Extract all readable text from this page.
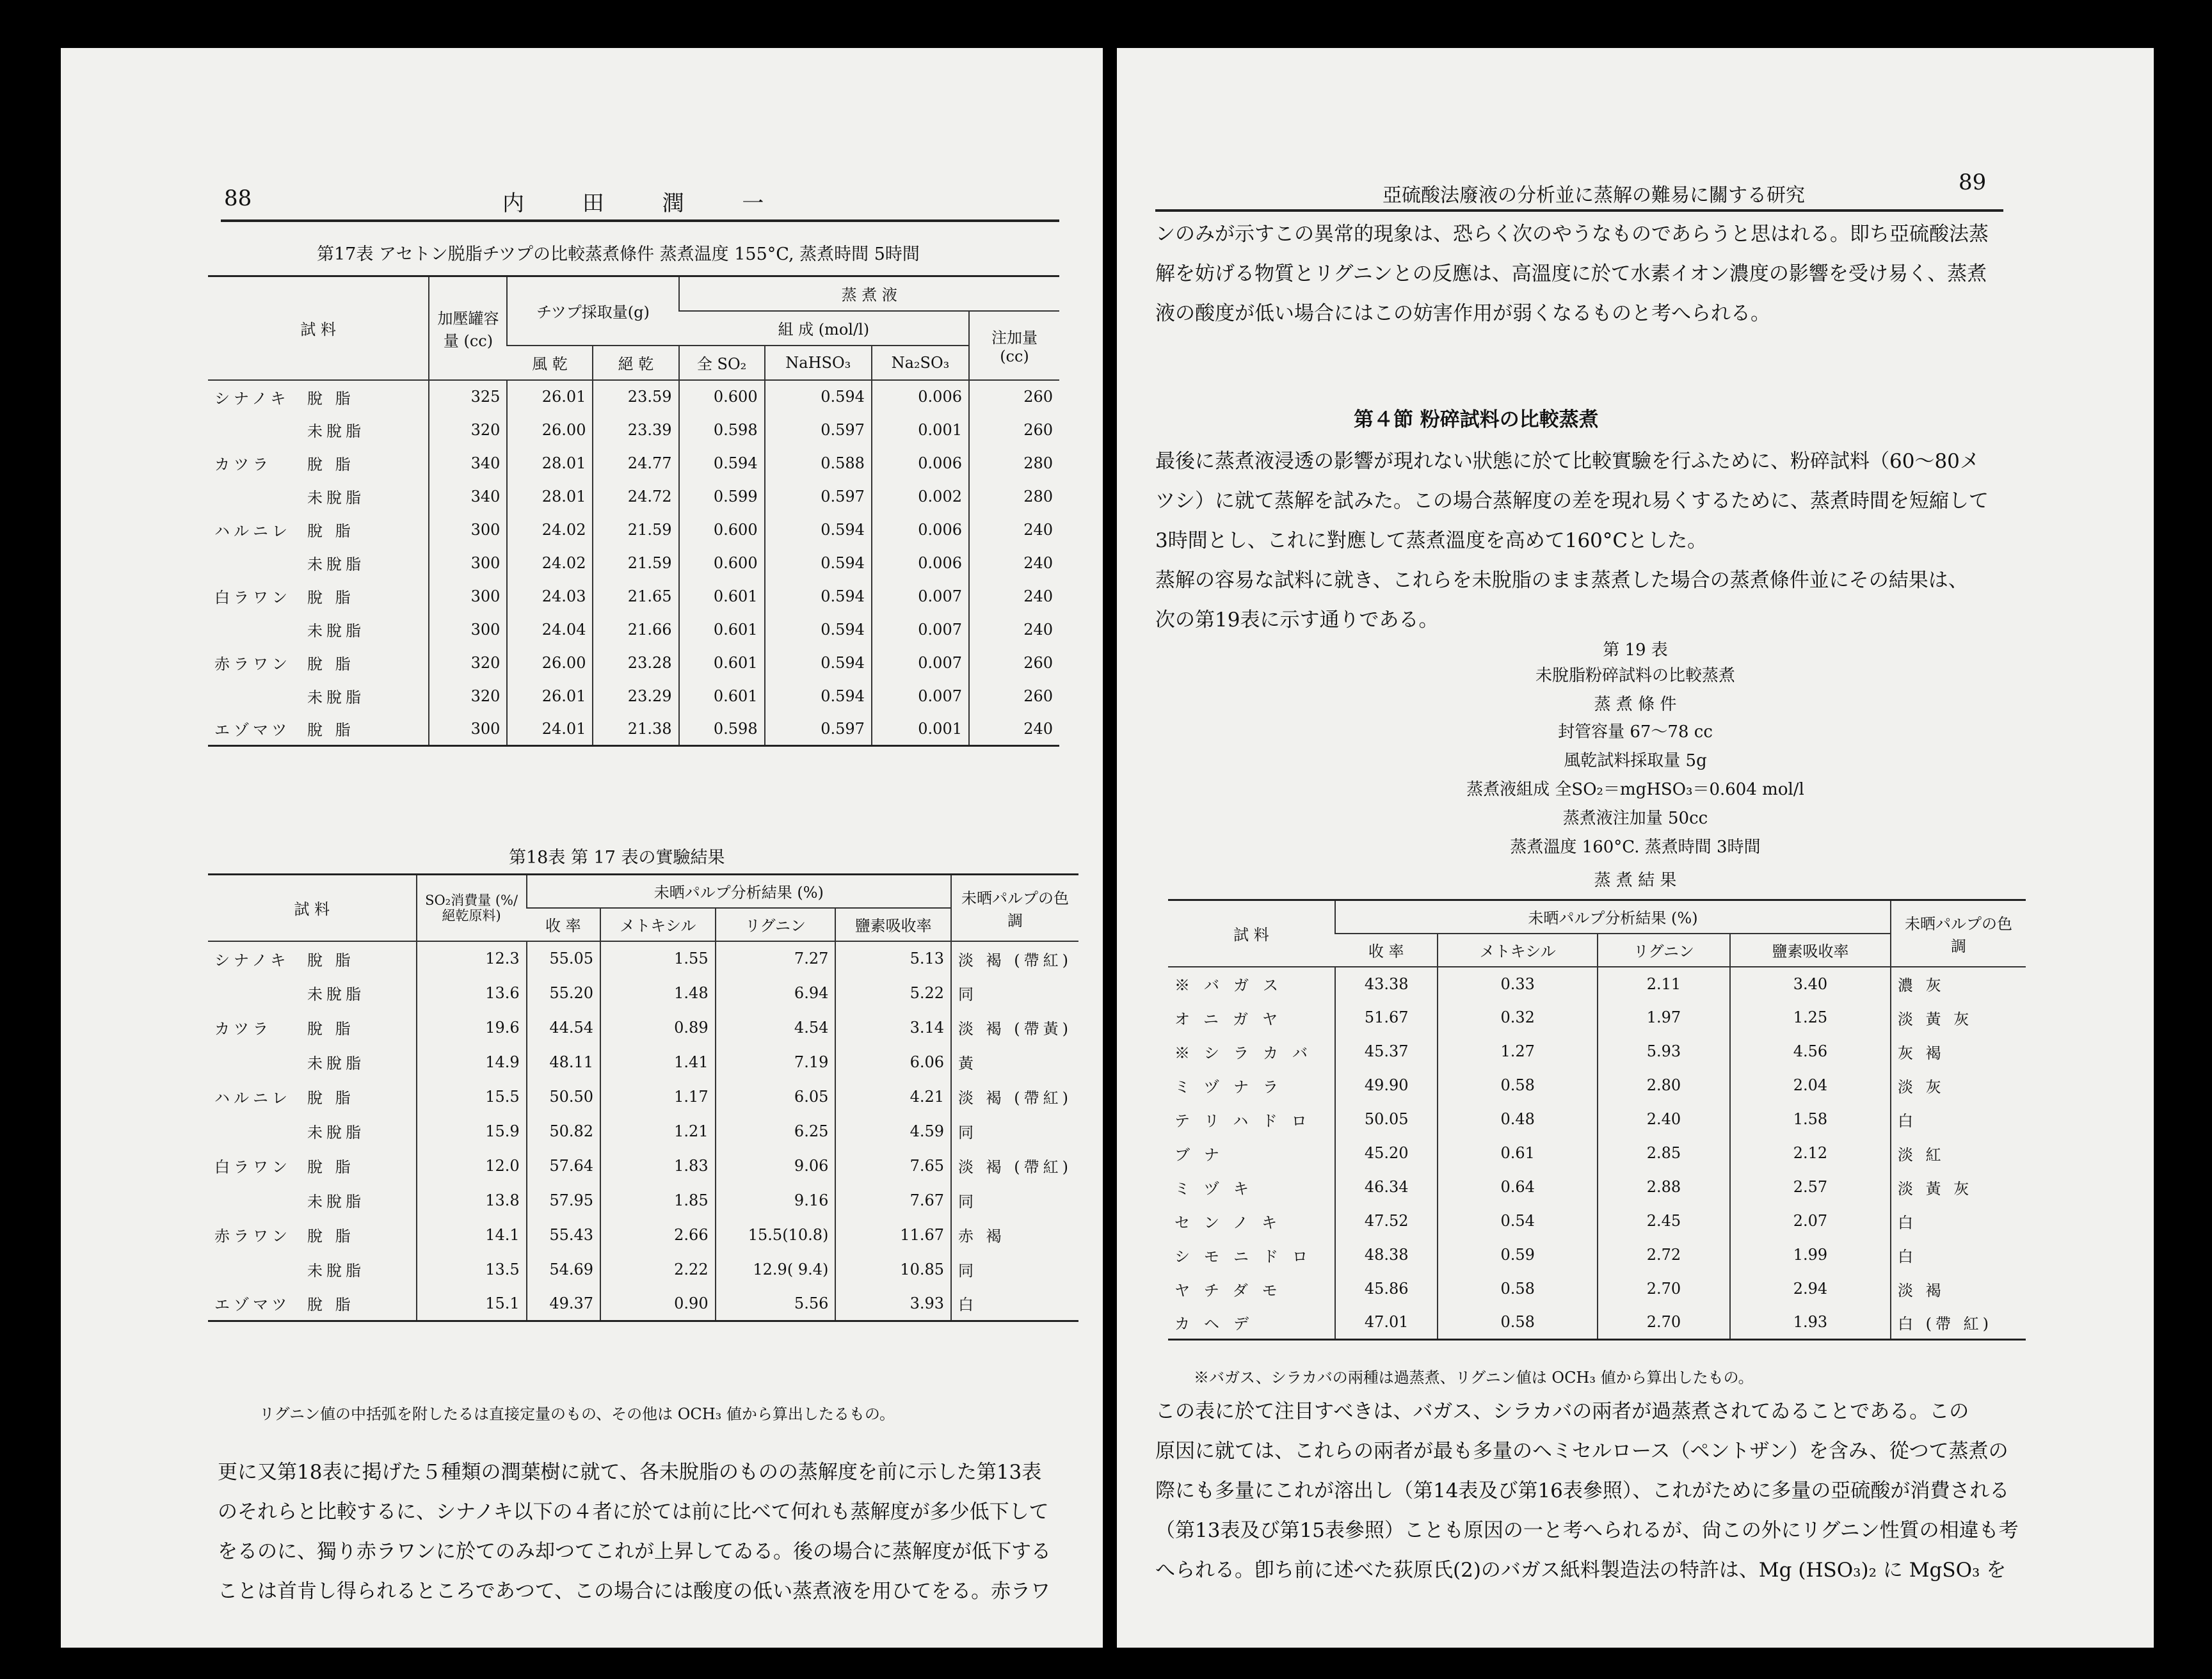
88	内 田 潤 一
第17表 アセトン脱脂チツプの比較蒸煮條件 蒸煮温度 155°C, 蒸煮時間 5時間
試 料	加壓罐容量 (cc)	チツプ採取量(g)		蒸 煮 液			
				組 成 (mol/l)			注加量 (cc)
		風 乾	絕 乾	全 SO₂	NaHSO₃	Na₂SO₃	
シナノキ 脫 脂	325	26.01	23.59	0.600	0.594	0.006	260
未脫脂	320	26.00	23.39	0.598	0.597	0.001	260
カツラ 脫 脂	340	28.01	24.77	0.594	0.588	0.006	280
未脫脂	340	28.01	24.72	0.599	0.597	0.002	280
ハルニレ 脫 脂	300	24.02	21.59	0.600	0.594	0.006	240
未脫脂	300	24.02	21.59	0.600	0.594	0.006	240
白ラワン 脫 脂	300	24.03	21.65	0.601	0.594	0.007	240
未脫脂	300	24.04	21.66	0.601	0.594	0.007	240
赤ラワン 脫 脂	320	26.00	23.28	0.601	0.594	0.007	260
未脫脂	320	26.01	23.29	0.601	0.594	0.007	260
エゾマツ 脫 脂	300	24.01	21.38	0.598	0.597	0.001	240
第18表 第 17 表の實驗結果
試 料	SO₂消費量 (%/絕乾原料)	未晒パルプ分析結果 (%)				未晒パルプの色調
		收 率	メトキシル	リグニン	鹽素吸收率	
シナノキ 脫 脂	12.3	55.05	1.55	7.27	5.13	淡 褐 (帶紅)
未脫脂	13.6	55.20	1.48	6.94	5.22	同
カツラ 脫 脂	19.6	44.54	0.89	4.54	3.14	淡 褐 (帶黃)
未脫脂	14.9	48.11	1.41	7.19	6.06	黃
ハルニレ 脫 脂	15.5	50.50	1.17	6.05	4.21	淡 褐 (帶紅)
未脫脂	15.9	50.82	1.21	6.25	4.59	同
白ラワン 脫 脂	12.0	57.64	1.83	9.06	7.65	淡 褐 (帶紅)
未脫脂	13.8	57.95	1.85	9.16	7.67	同
赤ラワン 脫 脂	14.1	55.43	2.66	15.5(10.8)	11.67	赤 褐
未脫脂	13.5	54.69	2.22	12.9( 9.4)	10.85	同
エゾマツ 脫 脂	15.1	49.37	0.90	5.56	3.93	白
リグニン値の中括弧を附したるは直接定量のもの、その他は OCH₃ 値から算出したるもの。
更に又第18表に掲げた５種類の潤葉樹に就て、各未脫脂のものの蒸解度を前に示した第13表
のそれらと比較するに、シナノキ以下の４者に於ては前に比べて何れも蒸解度が多少低下して
をるのに、獨り赤ラワンに於てのみ却つてこれが上昇してゐる。後の場合に蒸解度が低下する
ことは首肯し得られるところであつて、この場合には酸度の低い蒸煮液を用ひてをる。赤ラワ
亞硫酸法廢液の分析並に蒸解の難易に關する研究
89
ンのみが示すこの異常的現象は、恐らく次のやうなものであらうと思はれる。即ち亞硫酸法蒸
解を妨げる物質とリグニンとの反應は、高溫度に於て水素イオン濃度の影響を受け易く、蒸煮
液の酸度が低い場合にはこの妨害作用が弱くなるものと考へられる。
第４節 粉碎試料の比較蒸煮
最後に蒸煮液浸透の影響が現れない狀態に於て比較實驗を行ふために、粉碎試料（60～80メ
ツシ）に就て蒸解を試みた。この場合蒸解度の差を現れ易くするために、蒸煮時間を短縮して
3時間とし、これに對應して蒸煮溫度を高めて160°Cとした。
蒸解の容易な試料に就き、これらを未脫脂のまま蒸煮した場合の蒸煮條件並にその結果は、
次の第19表に示す通りである。
第 19 表
未脫脂粉碎試料の比較蒸煮
蒸 煮 條 件
封管容量 67～78 cc
風乾試料採取量 5g
蒸煮液組成 全SO₂＝mgHSO₃＝0.604 mol/l
蒸煮液注加量 50cc
蒸煮溫度 160°C. 蒸煮時間 3時間
蒸 煮 結 果
試 料	未晒パルプ分析結果 (%)				未晒パルプの色調
	收 率	メトキシル	リグニン	鹽素吸收率	
※バガス	43.38	0.33	2.11	3.40	濃 灰
オニガヤ	51.67	0.32	1.97	1.25	淡 黃 灰
※シラカバ	45.37	1.27	5.93	4.56	灰 褐
ミヅナラ	49.90	0.58	2.80	2.04	淡 灰
テリハドロ	50.05	0.48	2.40	1.58	白
ブナ	45.20	0.61	2.85	2.12	淡 紅
ミヅキ	46.34	0.64	2.88	2.57	淡 黃 灰
センノキ	47.52	0.54	2.45	2.07	白
シモニドロ	48.38	0.59	2.72	1.99	白
ヤチダモ	45.86	0.58	2.70	2.94	淡 褐
カヘデ	47.01	0.58	2.70	1.93	白 (帶 紅)
※バガス、シラカバの兩種は過蒸煮、リグニン値は OCH₃ 値から算出したもの。
この表に於て注目すべきは、バガス、シラカバの兩者が過蒸煮されてゐることである。この
原因に就ては、これらの兩者が最も多量のヘミセルロース（ペントザン）を含み、從つて蒸煮の
際にも多量にこれが溶出し（第14表及び第16表參照）、これがために多量の亞硫酸が消費される
（第13表及び第15表參照）ことも原因の一と考へられるが、尙この外にリグニン性質の相違も考
へられる。卽ち前に述べた荻原氏(2)のバガス紙料製造法の特許は、Mg (HSO₃)₂ に MgSO₃ を
